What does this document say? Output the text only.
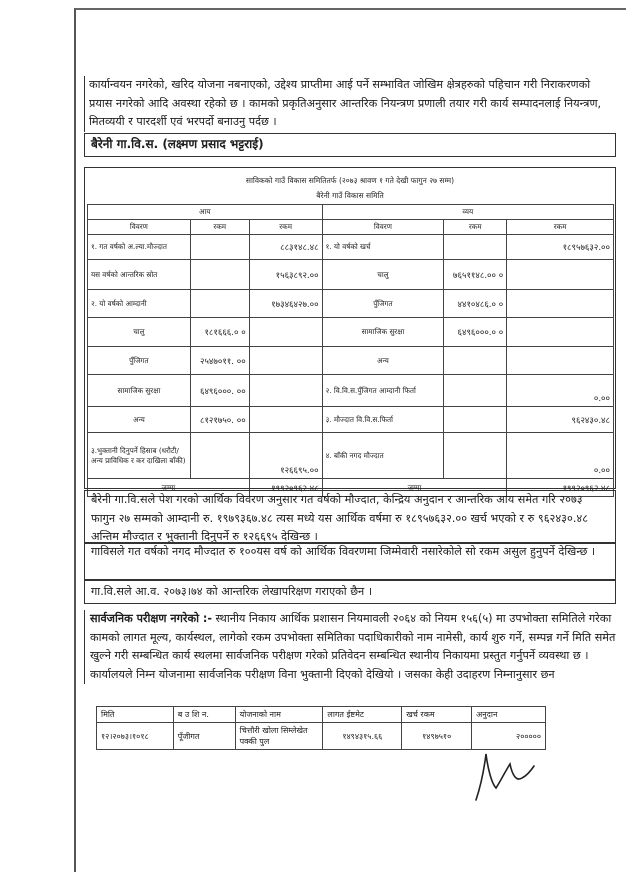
कार्यान्वयन नगरेको, खरिद योजना नबनाएको, उद्देश्य प्राप्तीमा आई पर्ने सम्भावित जोखिम क्षेत्रहरुको पहिचान गरी निराकरणको प्रयास नगरेको आदि अवस्था रहेको छ । कामको प्रकृतिअनुसार आन्तरिक नियन्त्रण प्रणाली तयार गरी कार्य सम्पादनलाई नियन्त्रण, मितव्ययी र पारदर्शी एवं भरपर्दो बनाउनु पर्दछ ।
बैरेनी गा.वि.स. (लक्ष्मण प्रसाद भट्टराई)
साविकको गाउँ विकास समितितर्फ (२०७३ श्रावण १ गते देखी फागुन २७ सम्म)
बैरेनी गाउँ विकास समिति
आय			व्यय		
विवरण	रकम	रकम	विवरण	रकम	रकम
१. गत वर्षको अ.ल्या.मौज्दात		८८३१४८.४८	१. यो वर्षको खर्च		१८९५७६३२.००
यस वर्षको आन्तरिक स्रोत		१५६३८९२.००	चालु	७६५११४८.०० ०	
२. यो वर्षको आम्दानी		१७३४६४२७.००	पुँजिगत	४४१०४८६.० ०	
चालु	१८१६६६.० ०		सामाजिक सुरक्षा	६४९६०००.० ०	
पुँजिगत	२५४७०११. ००		अन्य		
सामाजिक सुरक्षा	६४९६०००. ००		२. वि.वि.स.पुँजिगत आम्दानी फिर्ता		०.००
अन्य	८१२१७५०. ००		३. मौज्दात वि.वि.स.फिर्ता		९६२४३०.४८
३.भुक्तानी दिनुपर्ने हिसाब (धरौटी/अन्य प्राविधिक र कर दाखिला बाँकी)		१२६६९५.००	४. बाँकी नगद मौज्दात		०.००
जम्मा		१९९२०९६२.४८	जम्मा		१९९२०९६२.४८
बैरेनी गा.वि.सले पेश गरको आर्थिक विवरण अनुसार गत वर्षको मौज्दात, केन्द्रिय अनुदान र आन्तरिक आय समेत गरि २०७३ फागुन २७ सम्मको आम्दानी रु. १९७९३६७.४८ त्यस मध्ये यस आर्थिक वर्षमा रु १८९५७६३२.०० खर्च भएको र रु ९६२४३०.४८ अन्तिम मौज्दात र भुक्तानी दिनुपर्ने रु १२६६९५ देखिन्छ ।
गाविसले गत वर्षको नगद मौज्दात रु १००यस वर्ष को आर्थिक विवरणमा जिम्मेवारी नसारेकोले सो रकम असुल हुनुपर्ने देखिन्छ ।
गा.वि.सले आ.व. २०७३।७४ को आन्तरिक लेखापरिक्षण गराएको छैन ।
सार्वजनिक परीक्षण नगरेको :- स्थानीय निकाय आर्थिक प्रशासन नियमावली २०६४ को नियम १५६(५) मा उपभोक्ता समितिले गरेका कामको लागत मूल्य, कार्यस्थल, लागेको रकम उपभोक्ता समितिका पदाधिकारीको नाम नामेसी, कार्य शुरु गर्ने, सम्पन्न गर्ने मिति समेत खुल्ने गरी सम्बन्धित कार्य स्थलमा सार्वजनिक परीक्षण गरेको प्रतिवेदन सम्बन्धित स्थानीय निकायमा प्रस्तुत गर्नुपर्ने व्यवस्था छ । कार्यालयले निम्न योजनामा सार्वजनिक परीक्षण विना भुक्तानी दिएको देखियो । जसका केही उदाहरण निम्नानुसार छन
मिति	ब उ शि न.	योजनाको नाम	लागत ईष्टमेट	खर्च रकम	अनुदान
१२।२०७३।१०१८	पूँजीगत	चित्तौरी खोला सिम्लेखेत पक्की पुल	१४९४३१५.६६	१४९७५१०	२०००००
